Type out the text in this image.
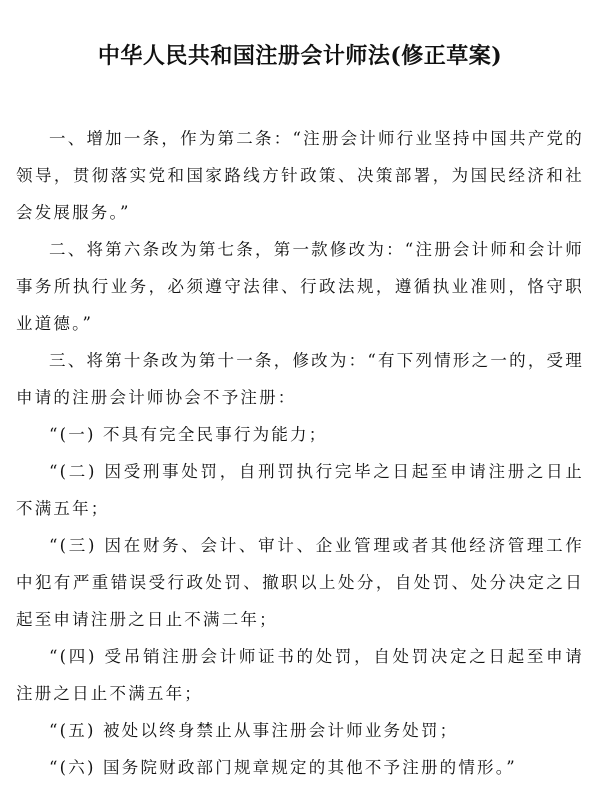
中华人民共和国注册会计师法(修正草案)

一、增加一条，作为第二条：“注册会计师行业坚持中国共产党的领导，贯彻落实党和国家路线方针政策、决策部署，为国民经济和社会发展服务。”

二、将第六条改为第七条，第一款修改为：“注册会计师和会计师事务所执行业务，必须遵守法律、行政法规，遵循执业准则，恪守职业道德。”

三、将第十条改为第十一条，修改为：“有下列情形之一的，受理申请的注册会计师协会不予注册：

“(一) 不具有完全民事行为能力；

“(二) 因受刑事处罚，自刑罚执行完毕之日起至申请注册之日止不满五年；

“(三) 因在财务、会计、审计、企业管理或者其他经济管理工作中犯有严重错误受行政处罚、撤职以上处分，自处罚、处分决定之日起至申请注册之日止不满二年；

“(四) 受吊销注册会计师证书的处罚，自处罚决定之日起至申请注册之日止不满五年；

“(五) 被处以终身禁止从事注册会计师业务处罚；

“(六) 国务院财政部门规章规定的其他不予注册的情形。”
